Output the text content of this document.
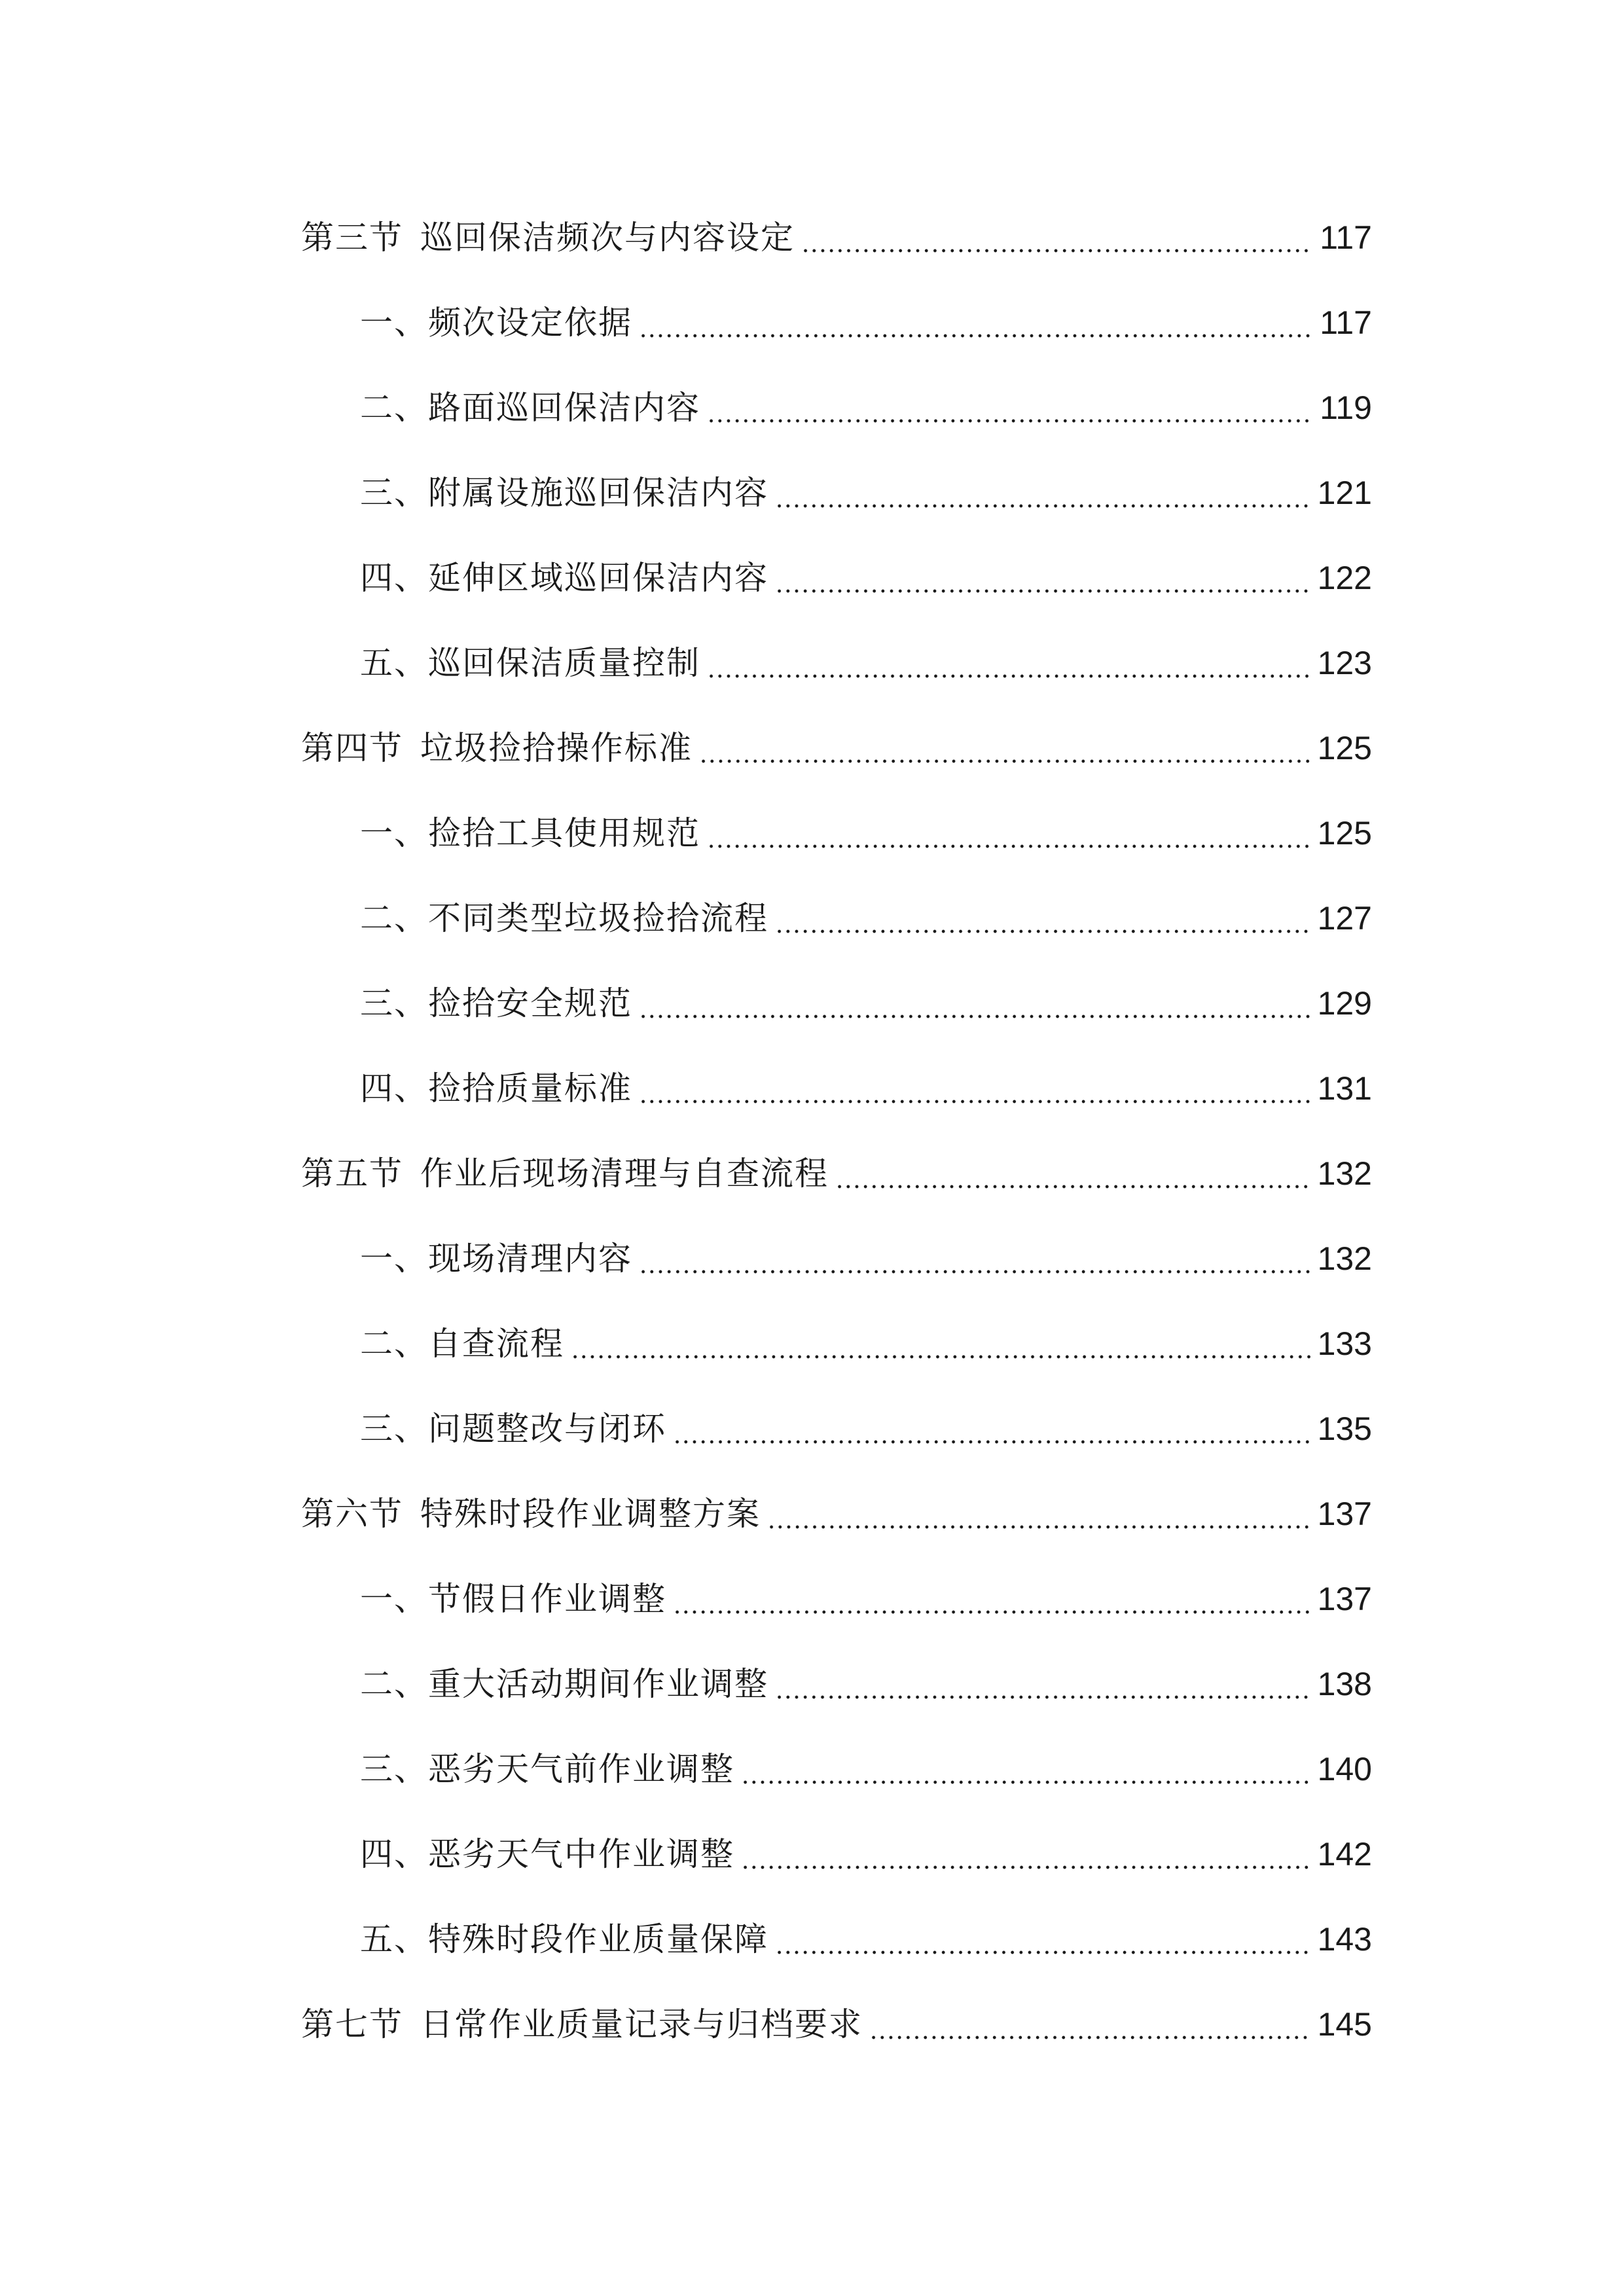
第三节 巡回保洁频次与内容设定	117
一、频次设定依据	117
二、路面巡回保洁内容	119
三、附属设施巡回保洁内容	121
四、延伸区域巡回保洁内容	122
五、巡回保洁质量控制	123
第四节 垃圾捡拾操作标准	125
一、捡拾工具使用规范	125
二、不同类型垃圾捡拾流程	127
三、捡拾安全规范	129
四、捡拾质量标准	131
第五节 作业后现场清理与自查流程	132
一、现场清理内容	132
二、自查流程	133
三、问题整改与闭环	135
第六节 特殊时段作业调整方案	137
一、节假日作业调整	137
二、重大活动期间作业调整	138
三、恶劣天气前作业调整	140
四、恶劣天气中作业调整	142
五、特殊时段作业质量保障	143
第七节 日常作业质量记录与归档要求	145
